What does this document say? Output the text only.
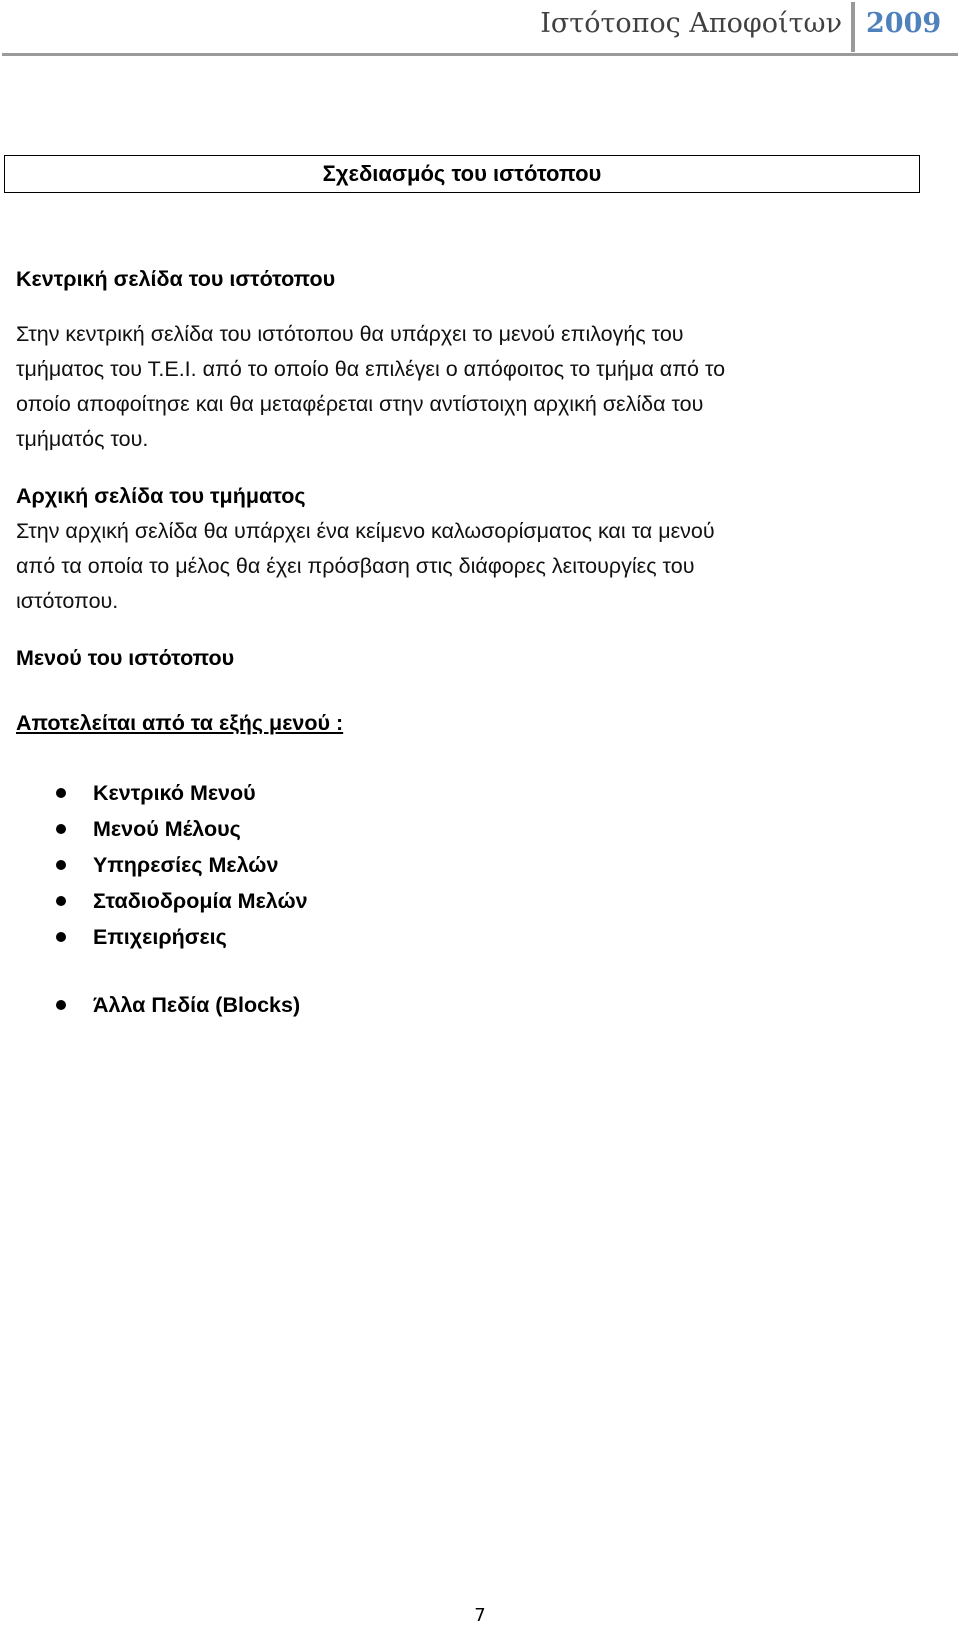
Ιστότοπος Αποφοίτων 2009
Σχεδιασμός του ιστότοπου

Κεντρική σελίδα του ιστότοπου

Στην κεντρική σελίδα του ιστότοπου θα υπάρχει το μενού επιλογής του

τμήματος του Τ.Ε.Ι. από το οποίο θα επιλέγει ο απόφοιτος το τμήμα από το

οποίο αποφοίτησε και θα μεταφέρεται στην αντίστοιχη αρχική σελίδα του

τμήματός του.

Αρχική σελίδα του τμήματος

Στην αρχική σελίδα θα υπάρχει ένα κείμενο καλωσορίσματος και τα μενού

από τα οποία το μέλος θα έχει πρόσβαση στις διάφορες λειτουργίες του

ιστότοπου.

Μενού του ιστότοπου

Αποτελείται από τα εξής μενού :

Κεντρικό Μενού
Μενού Μέλους
Υπηρεσίες Μελών
Σταδιοδρομία Μελών
Επιχειρήσεις
Άλλα Πεδία (Blocks)
7
